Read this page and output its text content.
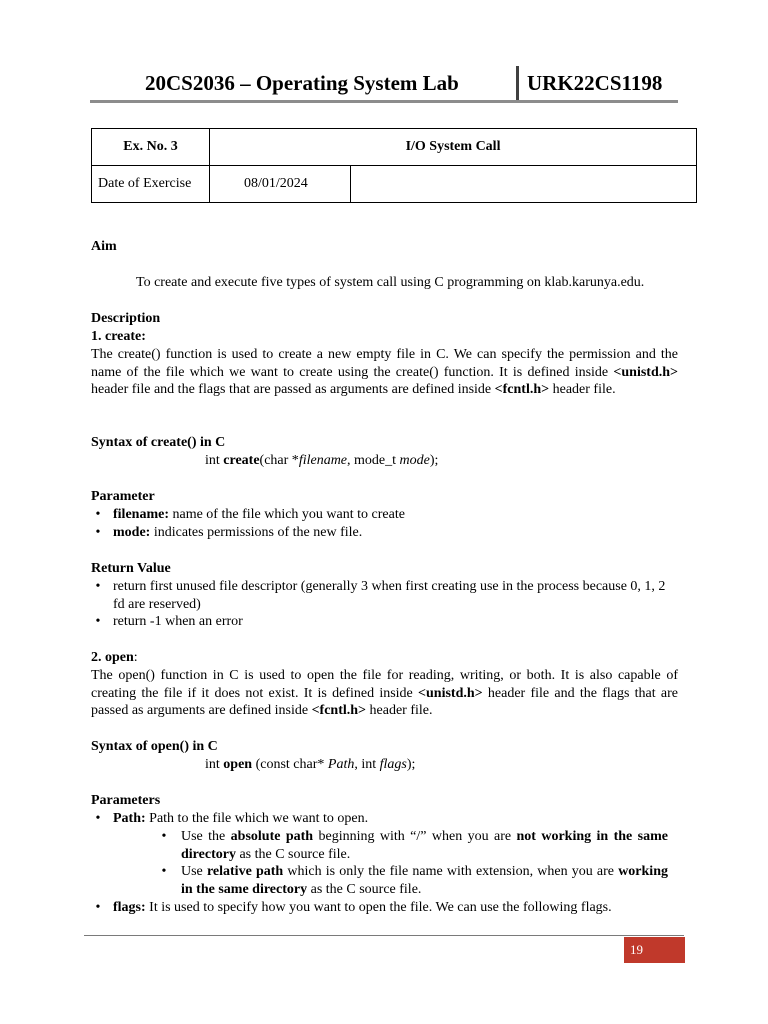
20CS2036 – Operating System Lab	URK22CS1198
Ex. No. 3	I/O System Call	
Date of Exercise	08/01/2024	
Aim
To create and execute five types of system call using C programming on klab.karunya.edu.
Description
1. create:
The create() function is used to create a new empty file in C. We can specify the permission and the name of the file which we want to create using the create() function. It is defined inside <unistd.h> header file and the flags that are passed as arguments are defined inside <fcntl.h> header file.
Syntax of create() in C
int create(char *filename, mode_t mode);
Parameter
• filename: name of the file which you want to create
• mode: indicates permissions of the new file.
Return Value
• return first unused file descriptor (generally 3 when first creating use in the process because 0, 1, 2 fd are reserved)
• return -1 when an error
2. open:
The open() function in C is used to open the file for reading, writing, or both. It is also capable of creating the file if it does not exist. It is defined inside <unistd.h> header file and the flags that are passed as arguments are defined inside <fcntl.h> header file.
Syntax of open() in C
int open (const char* Path, int flags);
Parameters
• Path: Path to the file which we want to open.
•	Use the absolute path beginning with “/” when you are not working in the same directory as the C source file.
•	Use relative path which is only the file name with extension, when you are working in the same directory as the C source file.
• flags: It is used to specify how you want to open the file. We can use the following flags.
19
